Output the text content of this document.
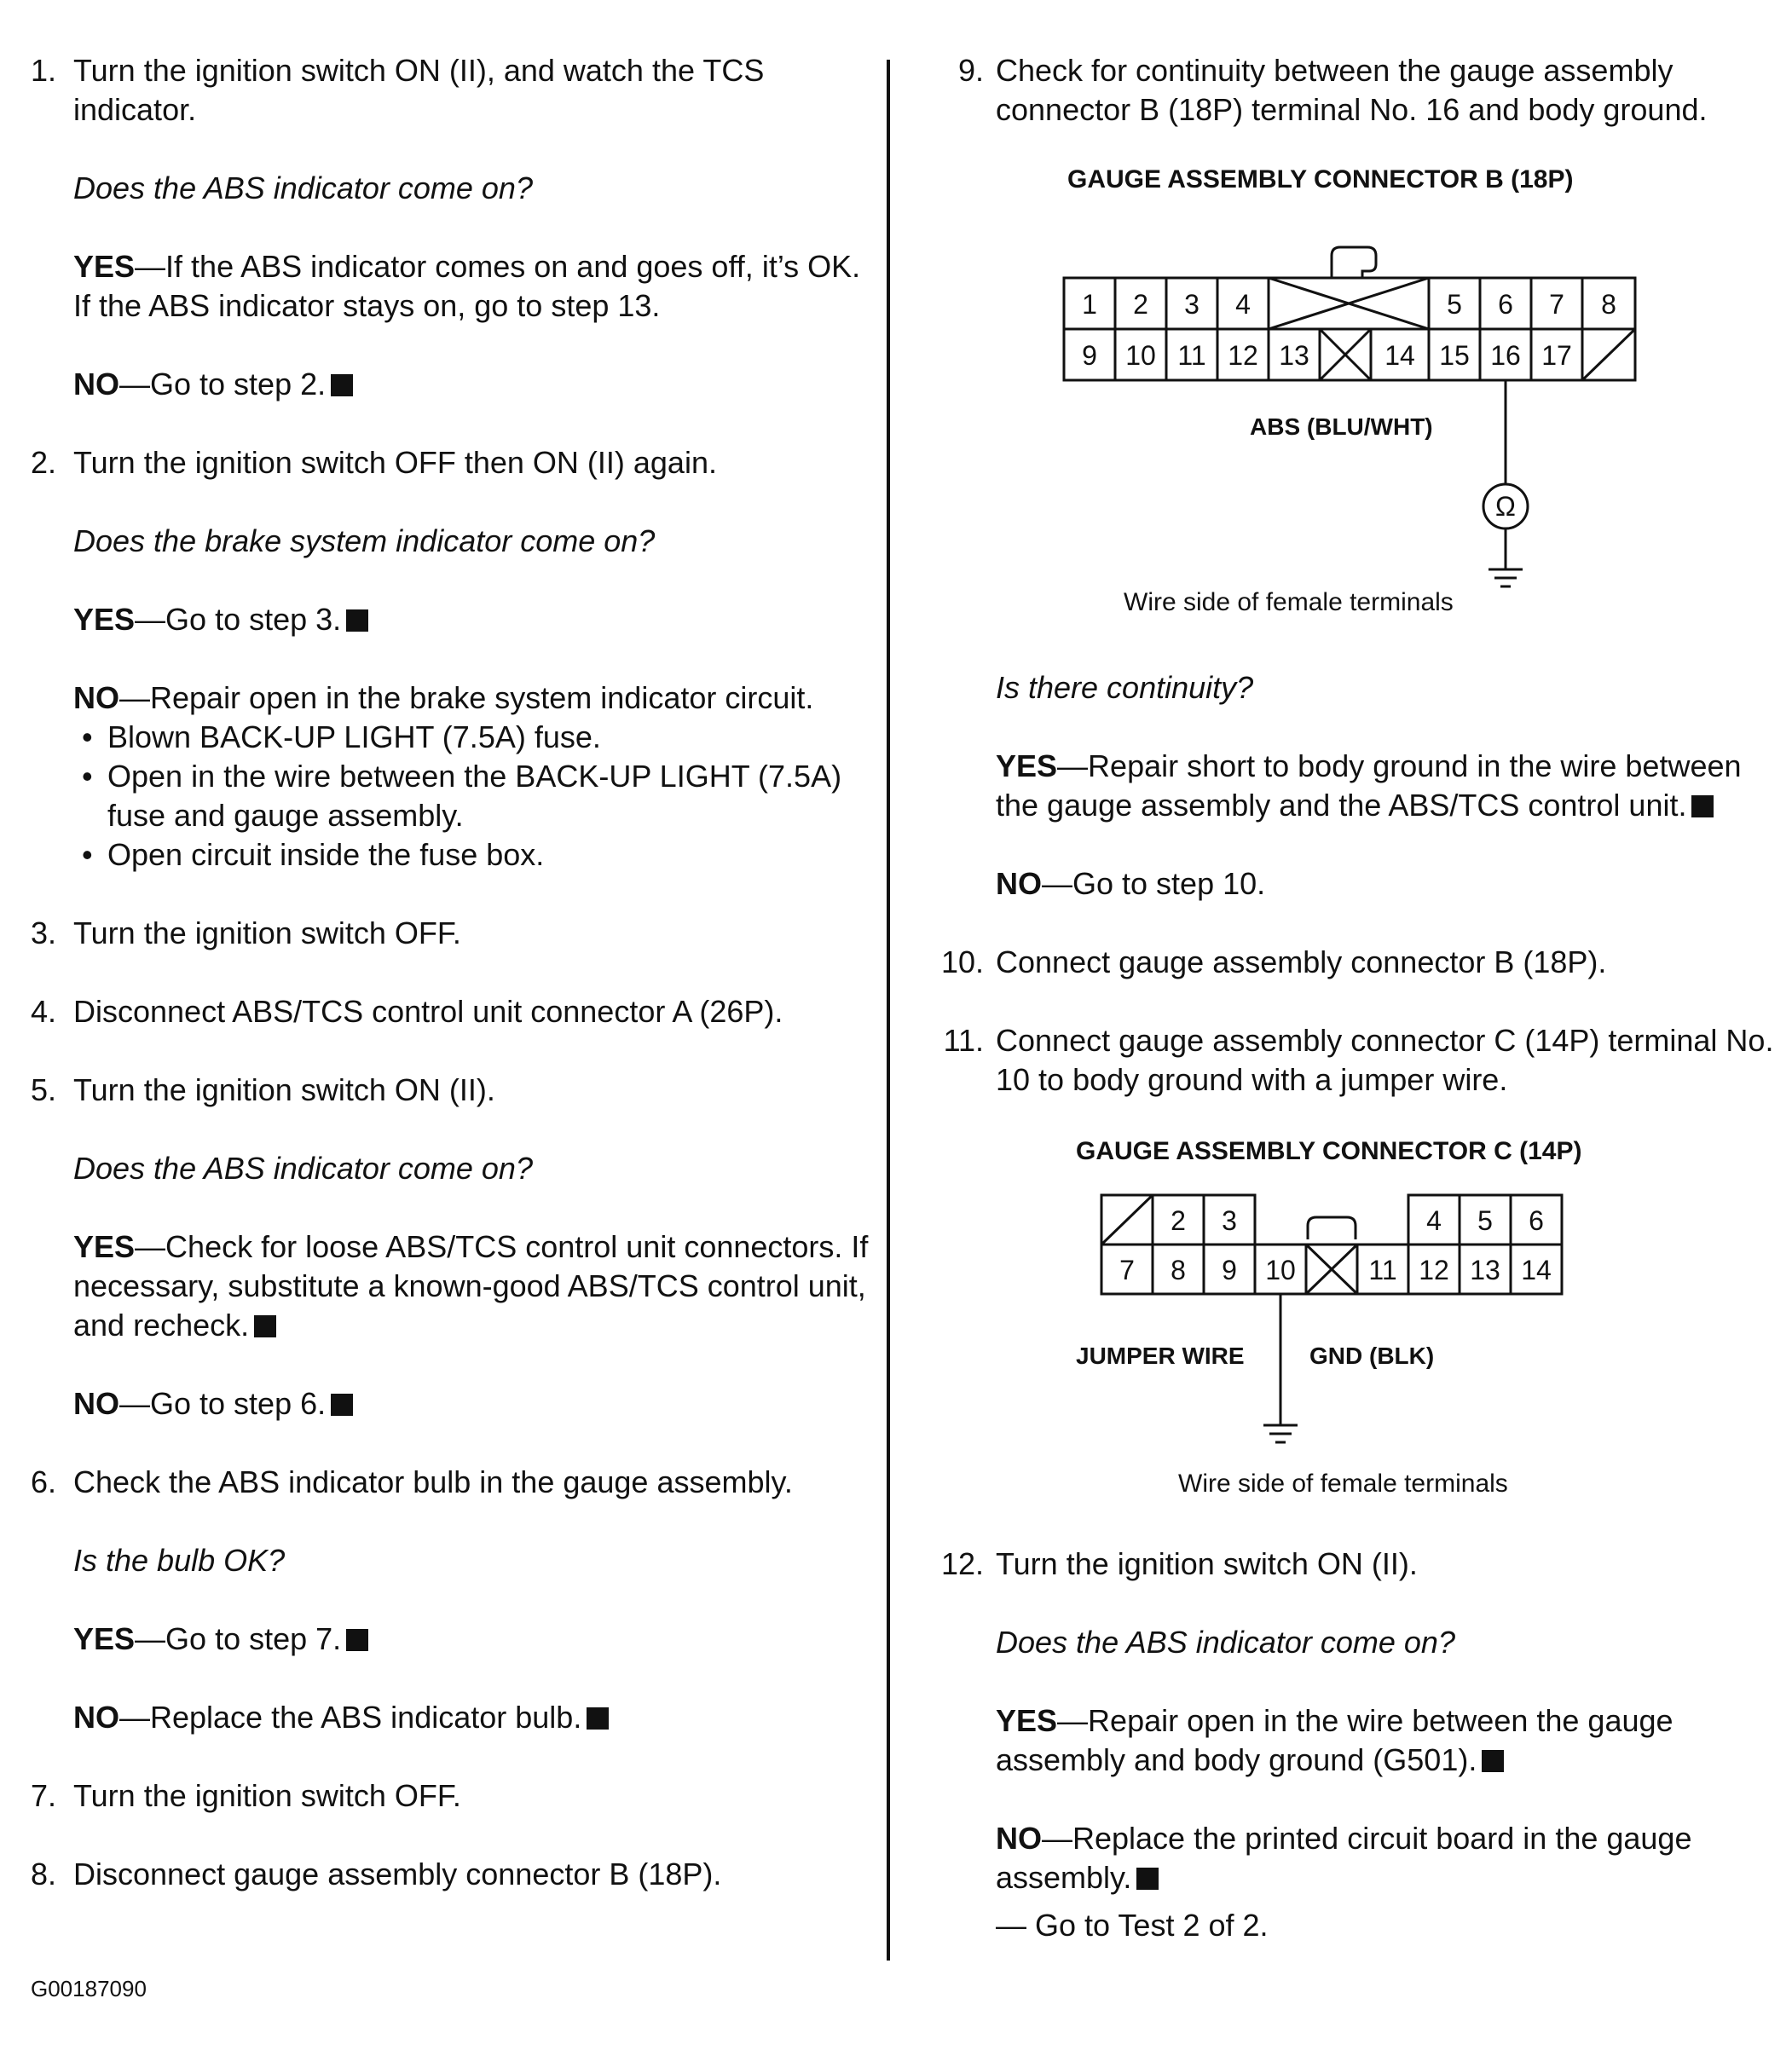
1. Turn the ignition switch ON (II), and watch the TCS indicator.
Does the ABS indicator come on?
YES—If the ABS indicator comes on and goes off, it’s OK. If the ABS indicator stays on, go to step 13.
NO—Go to step 2.
2. Turn the ignition switch OFF then ON (II) again.
Does the brake system indicator come on?
YES—Go to step 3.
NO—Repair open in the brake system indicator circuit.
• Blown BACK-UP LIGHT (7.5A) fuse.
• Open in the wire between the BACK-UP LIGHT (7.5A) fuse and gauge assembly.
• Open circuit inside the fuse box.
3. Turn the ignition switch OFF.
4. Disconnect ABS/TCS control unit connector A (26P).
5. Turn the ignition switch ON (II).
Does the ABS indicator come on?
YES—Check for loose ABS/TCS control unit connectors. If necessary, substitute a known-good ABS/TCS control unit, and recheck.
NO—Go to step 6.
6. Check the ABS indicator bulb in the gauge assembly.
Is the bulb OK?
YES—Go to step 7.
NO—Replace the ABS indicator bulb.
7. Turn the ignition switch OFF.
8. Disconnect gauge assembly connector B (18P).
G00187090
9. Check for continuity between the gauge assembly connector B (18P) terminal No. 16 and body ground.
GAUGE ASSEMBLY CONNECTOR B (18P)
1 2 3 4	5 6 7 8
9 10 11 12 13	14 15 16 17
Ω
ABS (BLU/WHT)
Wire side of female terminals
Is there continuity?
YES—Repair short to body ground in the wire between the gauge assembly and the ABS/TCS control unit.
NO—Go to step 10.
10. Connect gauge assembly connector B (18P).
11. Connect gauge assembly connector C (14P) terminal No. 10 to body ground with a jumper wire.
GAUGE ASSEMBLY CONNECTOR C (14P)
2 3	4 5 6
7 8 9 10	11 12 13 14
JUMPER WIRE	GND (BLK)
Wire side of female terminals
12. Turn the ignition switch ON (II).
Does the ABS indicator come on?
YES—Repair open in the wire between the gauge assembly and body ground (G501).
NO—Replace the printed circuit board in the gauge assembly.
— Go to Test 2 of 2.
